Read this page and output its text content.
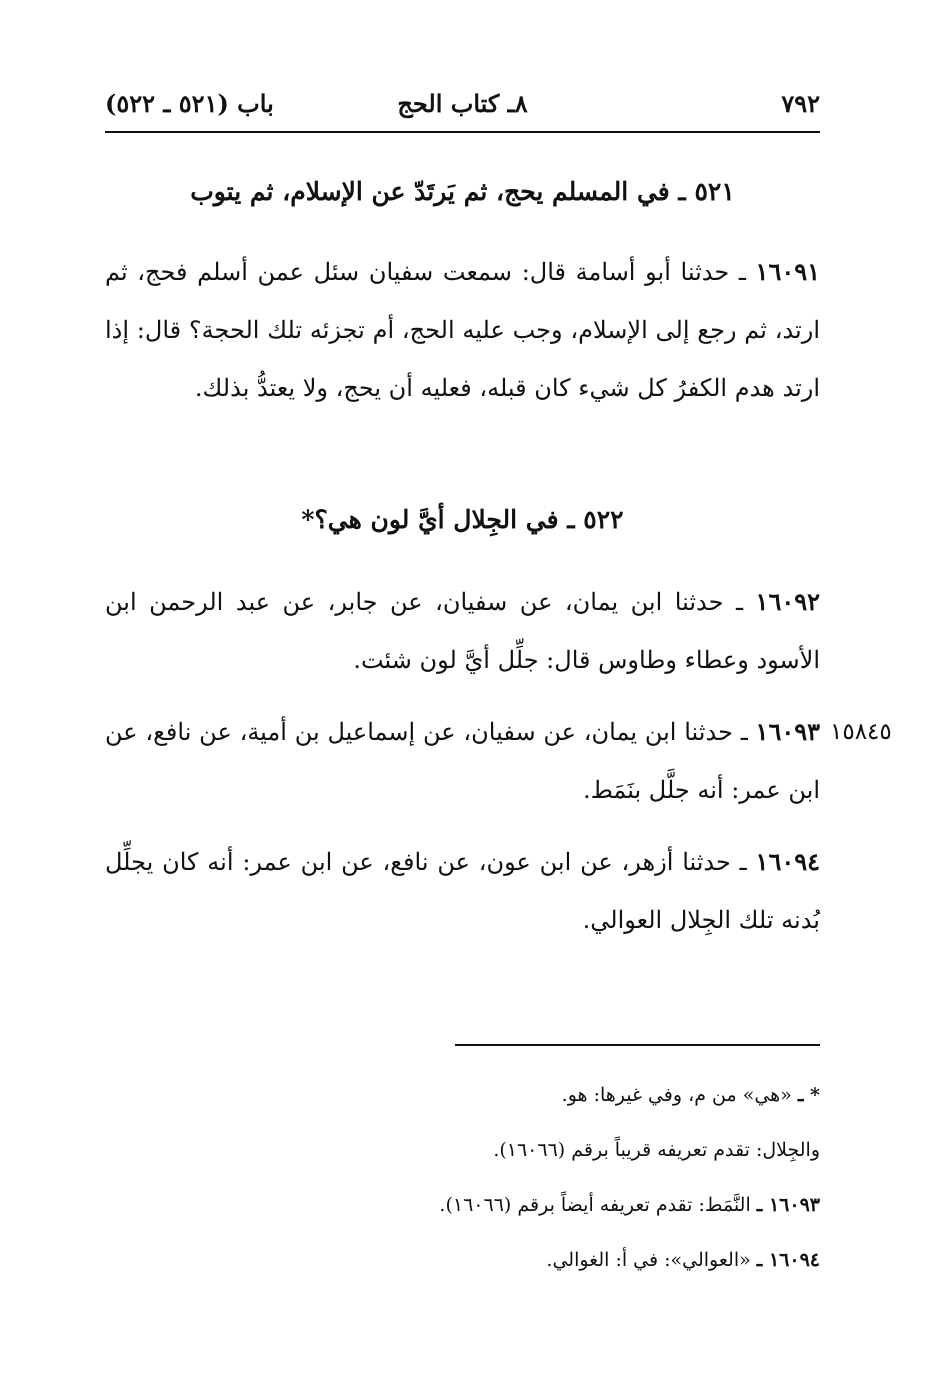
٧٩٢
٨ـ كتاب الحج
باب (٥٢١ ـ ٥٢٢)
٥٢١ ـ في المسلم يحج، ثم يَرتَدّ عن الإسلام، ثم يتوب
١٦٠٩١ ـ حدثنا أبو أسامة قال: سمعت سفيان سئل عمن أسلم فحج، ثم ارتد، ثم رجع إلى الإسلام، وجب عليه الحج، أم تجزئه تلك الحجة؟ قال: إذا ارتد هدم الكفرُ كل شيء كان قبله، فعليه أن يحج، ولا يعتدُّ بذلك.
٥٢٢ ـ في الجِلال أيَّ لون هي؟*
١٦٠٩٢ ـ حدثنا ابن يمان، عن سفيان، عن جابر، عن عبد الرحمن ابن الأسود وعطاء وطاوس قال: جلِّل أيَّ لون شئت.
١٥٨٤٥
١٦٠٩٣ ـ حدثنا ابن يمان، عن سفيان، عن إسماعيل بن أمية، عن نافع، عن ابن عمر: أنه جلَّل بنَمَط.
١٦٠٩٤ ـ حدثنا أزهر، عن ابن عون، عن نافع، عن ابن عمر: أنه كان يجلِّل بُدنه تلك الجِلال العوالي.
* ـ «هي» من م، وفي غيرها: هو.
والجِلال: تقدم تعريفه قريباً برقم (١٦٠٦٦).
١٦٠٩٣ ـ النَّمَط: تقدم تعريفه أيضاً برقم (١٦٠٦٦).
١٦٠٩٤ ـ «العوالي»: في أ: الغوالي.
